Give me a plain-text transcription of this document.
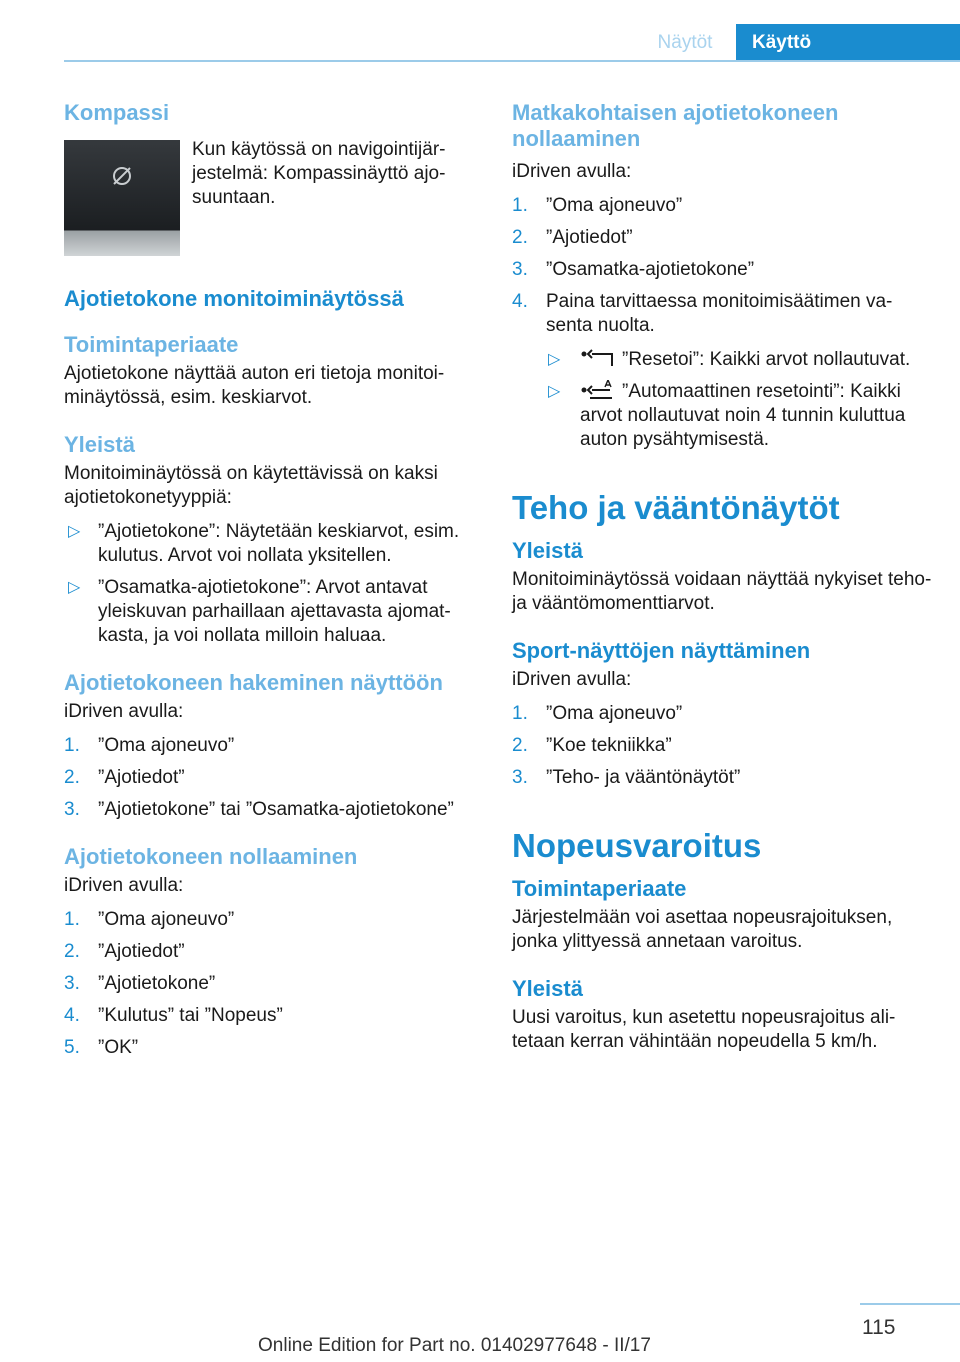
Näytöt	Käyttö
Kompassi

Kun käytössä on navigointijär-jestelmä: Kompassinäyttö ajo-suuntaan.

Ajotietokone monitoiminäytössä
Toimintaperiaate

Ajotietokone näyttää auton eri tietoja monitoi-minäytössä, esim. keskiarvot.

Yleistä

Monitoiminäytössä on käytettävissä on kaksi ajotietokonetyyppiä:

▷ ”Ajotietokone”: Näytetään keskiarvot, esim. kulutus. Arvot voi nollata yksitellen.
▷ ”Osamatka-ajotietokone”: Arvot antavat yleiskuvan parhaillaan ajettavasta ajomat-kasta, ja voi nollata milloin haluaa.
Ajotietokoneen hakeminen näyttöön

iDriven avulla:

1. ”Oma ajoneuvo”
2. ”Ajotiedot”
3. ”Ajotietokone” tai ”Osamatka-ajotietokone”
Ajotietokoneen nollaaminen

iDriven avulla:

1. ”Oma ajoneuvo”
2. ”Ajotiedot”
3. ”Ajotietokone”
4. ”Kulutus” tai ”Nopeus”
5. ”OK”
Matkakohtaisen ajotietokoneen nollaaminen

iDriven avulla:

1. ”Oma ajoneuvo”
2. ”Ajotiedot”
3. ”Osamatka-ajotietokone”
4. Paina tarvittaessa monitoimisäätimen va-senta nuolta.
▷	”Resetoi”: Kaikki arvot nollautuvat.
▷	”Automaattinen resetointi”: Kaikki arvot nollautuvat noin 4 tunnin kuluttua auton pysähtymisestä.
Teho ja vääntönäytöt
Yleistä

Monitoiminäytössä voidaan näyttää nykyiset teho- ja vääntömomenttiarvot.

Sport-näyttöjen näyttäminen

iDriven avulla:

1. ”Oma ajoneuvo”
2. ”Koe tekniikka”
3. ”Teho- ja vääntönäytöt”
Nopeusvaroitus
Toimintaperiaate

Järjestelmään voi asettaa nopeusrajoituksen, jonka ylittyessä annetaan varoitus.

Yleistä

Uusi varoitus, kun asetettu nopeusrajoitus ali-tetaan kerran vähintään nopeudella 5 km/h.

115
Online Edition for Part no. 01402977648 - II/17
